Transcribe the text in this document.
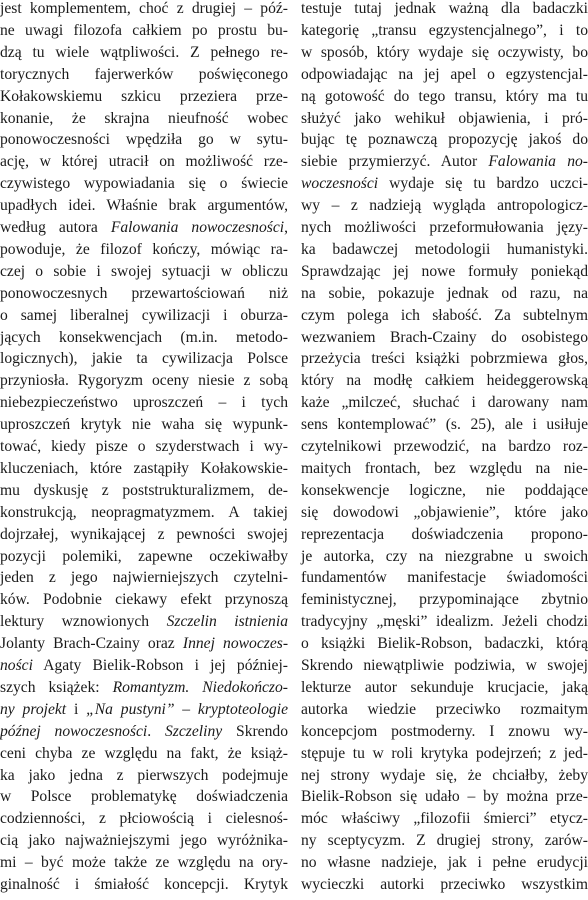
jest komplementem, choć z drugiej – póź-
ne uwagi filozofa całkiem po prostu bu-
dzą tu wiele wątpliwości. Z pełnego re-
torycznych fajerwerków poświęconego
Kołakowskiemu szkicu przeziera prze-
konanie, że skrajna nieufność wobec
ponowoczesności wpędziła go w sytu-
ację, w której utracił on możliwość rze-
czywistego wypowiadania się o świecie
upadłych idei. Właśnie brak argumentów,
według autora Falowania nowoczesności,
powoduje, że filozof kończy, mówiąc ra-
czej o sobie i swojej sytuacji w obliczu
ponowoczesnych przewartościowań niż
o samej liberalnej cywilizacji i oburza-
jących konsekwencjach (m.in. metodo-
logicznych), jakie ta cywilizacja Polsce
przyniosła. Rygoryzm oceny niesie z sobą
niebezpieczeństwo uproszczeń – i tych
uproszczeń krytyk nie waha się wypunk-
tować, kiedy pisze o szyderstwach i wy-
kluczeniach, które zastąpiły Kołakowskie-
mu dyskusję z poststrukturalizmem, de-
konstrukcją, neopragmatyzmem. A takiej
dojrzałej, wynikającej z pewności swojej
pozycji polemiki, zapewne oczekiwałby
jeden z jego najwierniejszych czytelni-
ków. Podobnie ciekawy efekt przynoszą
lektury wznowionych Szczelin istnienia
Jolanty Brach-Czainy oraz Innej nowoczes-
ności Agaty Bielik-Robson i jej później-
szych książek: Romantyzm. Niedokończo-
ny projekt i „Na pustyni” – kryptoteologie
późnej nowoczesności. Szczeliny Skrendo
ceni chyba ze względu na fakt, że książ-
ka jako jedna z pierwszych podejmuje
w Polsce problematykę doświadczenia
codzienności, z płciowością i cielesnoś-
cią jako najważniejszymi jego wyróżnika-
mi – być może także ze względu na ory-
ginalność i śmiałość koncepcji. Krytyk
testuje tutaj jednak ważną dla badaczki
kategorię „transu egzystencjalnego”, i to
w sposób, który wydaje się oczywisty, bo
odpowiadając na jej apel o egzystencjal-
ną gotowość do tego transu, który ma tu
służyć jako wehikuł objawienia, i pró-
bując tę poznawczą propozycję jakoś do
siebie przymierzyć. Autor Falowania no-
woczesności wydaje się tu bardzo uczci-
wy – z nadzieją wygląda antropologicz-
nych możliwości przeformułowania języ-
ka badawczej metodologii humanistyki.
Sprawdzając jej nowe formuły poniekąd
na sobie, pokazuje jednak od razu, na
czym polega ich słabość. Za subtelnym
wezwaniem Brach-Czainy do osobistego
przeżycia treści książki pobrzmiewa głos,
który na modłę całkiem heideggerowską
każe „milczeć, słuchać i darowany nam
sens kontemplować” (s. 25), ale i usiłuje
czytelnikowi przewodzić, na bardzo roz-
maitych frontach, bez względu na nie-
konsekwencje logiczne, nie poddające
się dowodowi „objawienie”, które jako
reprezentacja doświadczenia propono-
je autorka, czy na niezgrabne u swoich
fundamentów manifestacje świadomości
feministycznej, przypominające zbytnio
tradycyjny „męski” idealizm. Jeżeli chodzi
o książki Bielik-Robson, badaczki, którą
Skrendo niewątpliwie podziwia, w swojej
lekturze autor sekunduje krucjacie, jaką
autorka wiedzie przeciwko rozmaitym
koncepcjom postmoderny. I znowu wy-
stępuje tu w roli krytyka podejrzeń; z jed-
nej strony wydaje się, że chciałby, żeby
Bielik-Robson się udało – by można prze-
móc właściwy „filozofii śmierci” etycz-
ny sceptycyzm. Z drugiej strony, zarów-
no własne nadzieje, jak i pełne erudycji
wycieczki autorki przeciwko wszystkim
